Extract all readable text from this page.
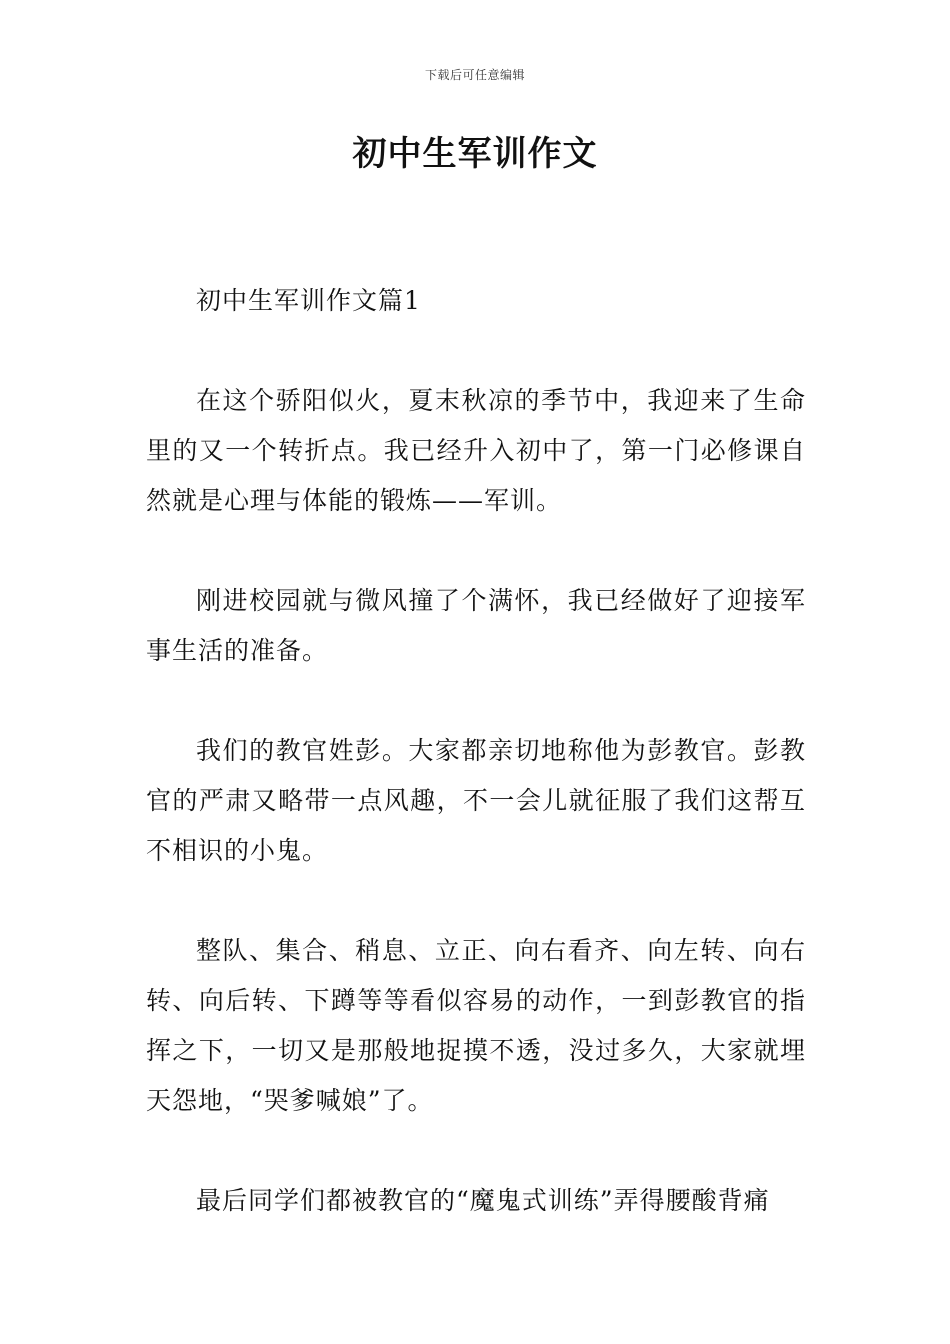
下载后可任意编辑
初中生军训作文

初中生军训作文篇1

在这个骄阳似火，夏末秋凉的季节中，我迎来了生命里的又一个转折点。我已经升入初中了，第一门必修课自然就是心理与体能的锻炼——军训。

刚进校园就与微风撞了个满怀，我已经做好了迎接军事生活的准备。

我们的教官姓彭。大家都亲切地称他为彭教官。彭教官的严肃又略带一点风趣，不一会儿就征服了我们这帮互不相识的小鬼。

整队、集合、稍息、立正、向右看齐、向左转、向右转、向后转、下蹲等等看似容易的动作，一到彭教官的指挥之下，一切又是那般地捉摸不透，没过多久，大家就埋天怨地，“哭爹喊娘”了。

最后同学们都被教官的“魔鬼式训练”弄得腰酸背痛
